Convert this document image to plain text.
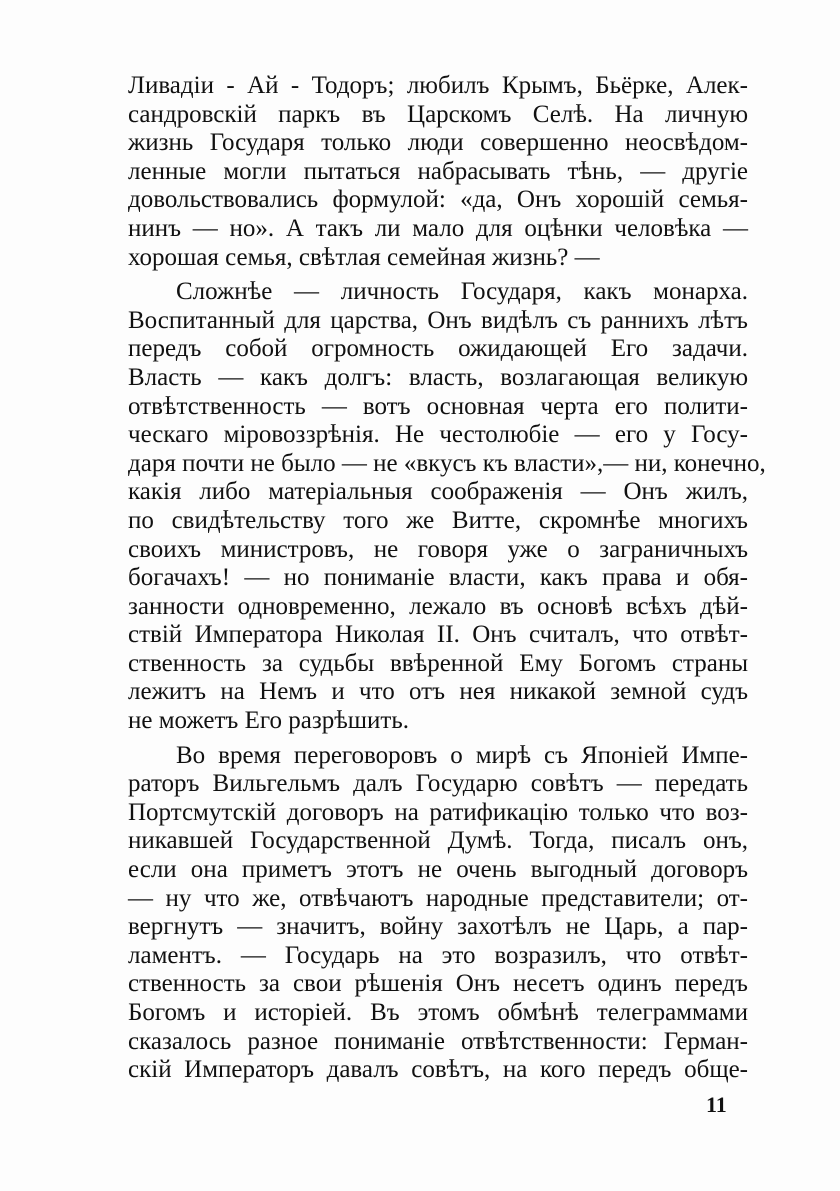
Ливадiи - Ай - Тодоръ; любилъ Крымъ, Бьёрке, Алек-
сандровскiй паркъ въ Царскомъ Селѣ. На личную
жизнь Государя только люди совершенно неосвѣдом-
ленные могли пытаться набрасывать тѣнь, — другiе
довольствовались формулой: «да, Онъ хорошiй семья-
нинъ — но». А такъ ли мало для оцѣнки человѣка —
хорошая семья, свѣтлая семейная жизнь? —
Сложнѣе — личность Государя, какъ монарха.
Воспитанный для царства, Онъ видѣлъ съ раннихъ лѣтъ
передъ собой огромность ожидающей Его задачи.
Власть — какъ долгъ: власть, возлагающая великую
отвѣтственность — вотъ основная черта его полити-
ческаго мiровоззрѣнiя. Не честолюбiе — его у Госу-
даря почти не было — не «вкусъ къ власти»,— ни, конечно,
какiя либо матерiальныя соображенiя — Онъ жилъ,
по свидѣтельству того же Витте, скромнѣе многихъ
своихъ министровъ, не говоря уже о заграничныхъ
богачахъ! — но пониманiе власти, какъ права и обя-
занности одновременно, лежало въ основѣ всѣхъ дѣй-
ствiй Императора Николая II. Онъ считалъ, что отвѣт-
ственность за судьбы ввѣренной Ему Богомъ страны
лежитъ на Немъ и что отъ нея никакой земной судъ
не можетъ Его разрѣшить.
Во время переговоровъ о мирѣ съ Японiей Импе-
раторъ Вильгельмъ далъ Государю совѣтъ — передать
Портсмутскiй договоръ на ратификацiю только что воз-
никавшей Государственной Думѣ. Тогда, писалъ онъ,
если она приметъ этотъ не очень выгодный договоръ
— ну что же, отвѣчаютъ народные представители; от-
вергнутъ — значитъ, войну захотѣлъ не Царь, а пар-
ламентъ. — Государь на это возразилъ, что отвѣт-
ственность за свои рѣшенiя Онъ несетъ одинъ передъ
Богомъ и исторiей. Въ этомъ обмѣнѣ телеграммами
сказалось разное пониманiе отвѣтственности: Герман-
скiй Императоръ давалъ совѣтъ, на кого передъ обще-
11
